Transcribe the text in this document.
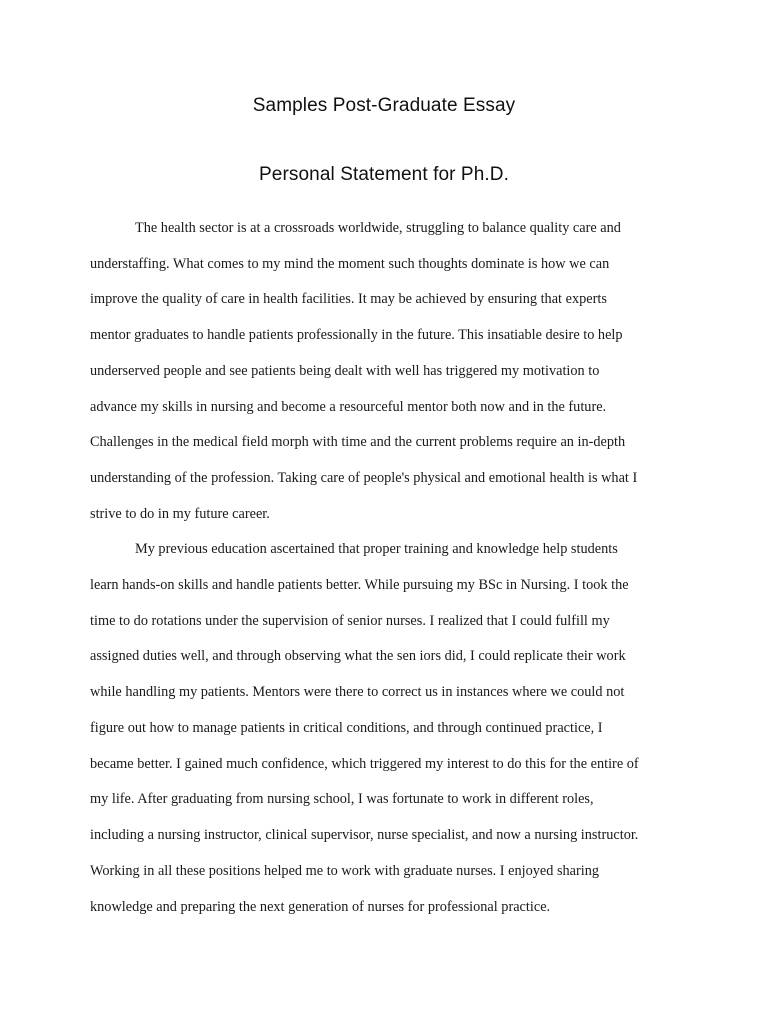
Samples Post-Graduate Essay
Personal Statement for Ph.D.
The health sector is at a crossroads worldwide, struggling to balance quality care and
understaffing. What comes to my mind the moment such thoughts dominate is how we can
improve the quality of care in health facilities. It may be achieved by ensuring that experts
mentor graduates to handle patients professionally in the future. This insatiable desire to help
underserved people and see patients being dealt with well has triggered my motivation to
advance my skills in nursing and become a resourceful mentor both now and in the future.
Challenges in the medical field morph with time and the current problems require an in-depth
understanding of the profession. Taking care of people's physical and emotional health is what I
strive to do in my future career.
My previous education ascertained that proper training and knowledge help students
learn hands-on skills and handle patients better. While pursuing my BSc in Nursing. I took the
time to do rotations under the supervision of senior nurses. I realized that I could fulfill my
assigned duties well, and through observing what the sen iors did, I could replicate their work
while handling my patients. Mentors were there to correct us in instances where we could not
figure out how to manage patients in critical conditions, and through continued practice, I
became better. I gained much confidence, which triggered my interest to do this for the entire of
my life. After graduating from nursing school, I was fortunate to work in different roles,
including a nursing instructor, clinical supervisor, nurse specialist, and now a nursing instructor.
Working in all these positions helped me to work with graduate nurses. I enjoyed sharing
knowledge and preparing the next generation of nurses for professional practice.
